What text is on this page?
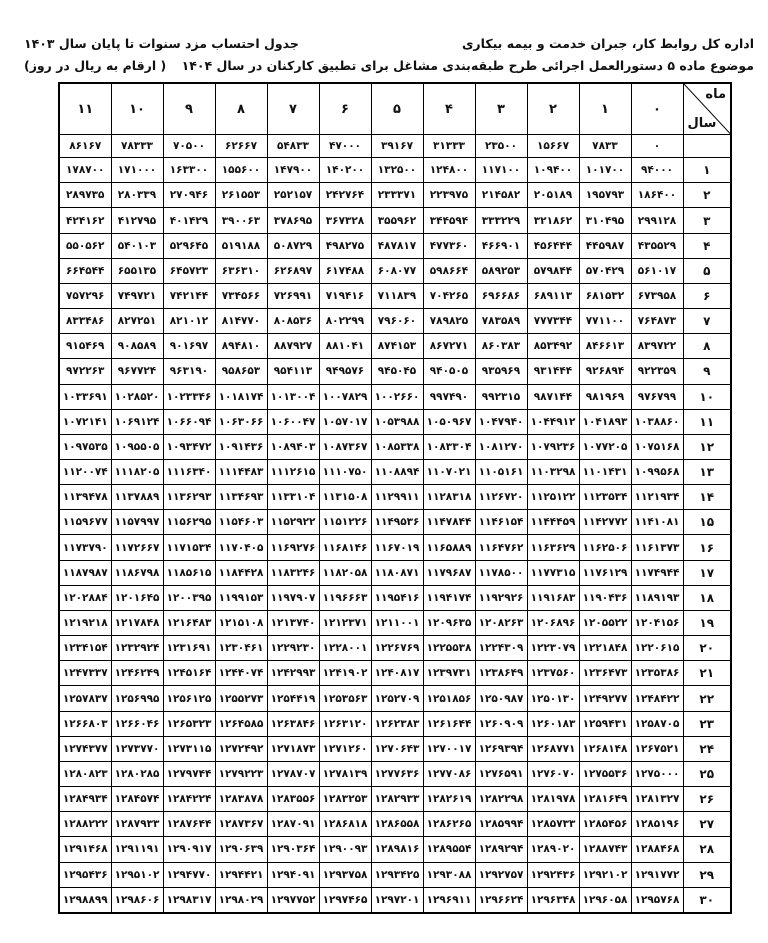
اداره کل روابط کار، جبران خدمت و بیمه بیکاری
جدول احتساب مزد سنوات تا پایان سال ۱۴۰۳
موضوع ماده ۵ دستورالعمل اجرائی طرح طبقه‌بندی مشاغل برای تطبیق کارکنان در سال ۱۴۰۴
( ارقام به ریال در روز)
ماه
سال	۰	۱	۲	۳	۴	۵	۶	۷	۸	۹	۱۰	۱۱
	۰	۷۸۳۳	۱۵۶۶۷	۲۳۵۰۰	۳۱۳۳۳	۳۹۱۶۷	۴۷۰۰۰	۵۴۸۳۳	۶۲۶۶۷	۷۰۵۰۰	۷۸۳۳۳	۸۶۱۶۷
۱	۹۴۰۰۰	۱۰۱۷۰۰	۱۰۹۴۰۰	۱۱۷۱۰۰	۱۲۴۸۰۰	۱۳۲۵۰۰	۱۴۰۲۰۰	۱۴۷۹۰۰	۱۵۵۶۰۰	۱۶۳۳۰۰	۱۷۱۰۰۰	۱۷۸۷۰۰
۲	۱۸۶۴۰۰	۱۹۵۷۹۳	۲۰۵۱۸۹	۲۱۴۵۸۲	۲۲۳۹۷۵	۲۳۳۳۷۱	۲۴۲۷۶۴	۲۵۲۱۵۷	۲۶۱۵۵۳	۲۷۰۹۴۶	۲۸۰۳۳۹	۲۸۹۷۳۵
۳	۲۹۹۱۲۸	۳۱۰۴۹۵	۳۲۱۸۶۲	۳۳۳۲۲۹	۳۴۴۵۹۴	۳۵۵۹۶۲	۳۶۷۳۲۸	۳۷۸۶۹۵	۳۹۰۰۶۳	۴۰۱۴۲۹	۴۱۲۷۹۵	۴۲۴۱۶۲
۴	۴۳۵۵۲۹	۴۴۵۹۸۷	۴۵۶۴۴۴	۴۶۶۹۰۱	۴۷۷۳۶۰	۴۸۷۸۱۷	۴۹۸۲۷۵	۵۰۸۷۲۹	۵۱۹۱۸۸	۵۲۹۶۴۵	۵۴۰۱۰۳	۵۵۰۵۶۲
۵	۵۶۱۰۱۷	۵۷۰۴۲۹	۵۷۹۸۴۴	۵۸۹۲۵۳	۵۹۸۶۶۴	۶۰۸۰۷۷	۶۱۷۴۸۸	۶۲۶۸۹۷	۶۳۶۳۱۰	۶۴۵۷۲۳	۶۵۵۱۳۵	۶۶۴۵۴۴
۶	۶۷۳۹۵۸	۶۸۱۵۳۲	۶۸۹۱۱۳	۶۹۶۶۸۶	۷۰۴۲۶۵	۷۱۱۸۳۹	۷۱۹۴۱۶	۷۲۶۹۹۱	۷۳۴۵۶۶	۷۴۲۱۴۴	۷۴۹۷۲۱	۷۵۷۲۹۶
۷	۷۶۴۸۷۳	۷۷۱۱۰۰	۷۷۷۳۴۴	۷۸۳۵۸۹	۷۸۹۸۲۵	۷۹۶۰۶۰	۸۰۲۲۹۹	۸۰۸۵۳۶	۸۱۴۷۷۰	۸۲۱۰۱۲	۸۲۷۲۵۱	۸۳۳۴۸۶
۸	۸۳۹۷۲۲	۸۴۶۶۱۳	۸۵۳۴۹۲	۸۶۰۳۸۳	۸۶۷۲۷۱	۸۷۴۱۵۳	۸۸۱۰۴۱	۸۸۷۹۲۷	۸۹۴۸۱۰	۹۰۱۶۹۷	۹۰۸۵۸۹	۹۱۵۴۶۹
۹	۹۲۲۳۵۹	۹۲۶۸۹۴	۹۳۱۴۴۴	۹۳۵۹۶۹	۹۴۰۵۰۵	۹۴۵۰۴۵	۹۴۹۵۷۶	۹۵۴۱۱۳	۹۵۸۶۵۳	۹۶۳۱۹۰	۹۶۷۷۲۴	۹۷۲۲۶۳
۱۰	۹۷۶۷۹۹	۹۸۱۹۶۹	۹۸۷۱۴۴	۹۹۲۳۱۵	۹۹۷۴۹۰	۱۰۰۲۶۶۰	۱۰۰۷۸۲۹	۱۰۱۳۰۰۴	۱۰۱۸۱۷۴	۱۰۲۳۳۴۶	۱۰۲۸۵۲۰	۱۰۳۳۶۹۱
۱۱	۱۰۳۸۸۶۰	۱۰۴۱۸۹۳	۱۰۴۴۹۱۲	۱۰۴۷۹۴۰	۱۰۵۰۹۶۷	۱۰۵۳۹۸۸	۱۰۵۷۰۱۷	۱۰۶۰۰۴۷	۱۰۶۳۰۶۶	۱۰۶۶۰۹۴	۱۰۶۹۱۲۴	۱۰۷۲۱۴۱
۱۲	۱۰۷۵۱۶۸	۱۰۷۷۲۰۵	۱۰۷۹۲۳۶	۱۰۸۱۲۷۰	۱۰۸۳۳۰۴	۱۰۸۵۳۳۸	۱۰۸۷۳۶۷	۱۰۸۹۴۰۳	۱۰۹۱۴۳۶	۱۰۹۳۴۷۲	۱۰۹۵۵۰۵	۱۰۹۷۵۳۵
۱۳	۱۰۹۹۵۶۸	۱۱۰۱۴۳۱	۱۱۰۳۲۹۸	۱۱۰۵۱۶۱	۱۱۰۷۰۲۱	۱۱۰۸۸۹۴	۱۱۱۰۷۵۰	۱۱۱۲۶۱۵	۱۱۱۴۴۸۳	۱۱۱۶۳۴۰	۱۱۱۸۲۰۵	۱۱۲۰۰۷۴
۱۴	۱۱۲۱۹۳۴	۱۱۲۳۵۳۴	۱۱۲۵۱۲۲	۱۱۲۶۷۲۰	۱۱۲۸۳۱۸	۱۱۲۹۹۱۱	۱۱۳۱۵۰۸	۱۱۳۳۱۰۴	۱۱۳۴۶۹۳	۱۱۳۶۲۹۳	۱۱۳۷۸۸۹	۱۱۳۹۴۷۸
۱۵	۱۱۴۱۰۸۱	۱۱۴۲۷۷۲	۱۱۴۴۴۵۹	۱۱۴۶۱۵۴	۱۱۴۷۸۴۴	۱۱۴۹۵۳۶	۱۱۵۱۲۲۶	۱۱۵۲۹۲۲	۱۱۵۴۶۰۳	۱۱۵۶۲۹۵	۱۱۵۷۹۹۷	۱۱۵۹۶۷۷
۱۶	۱۱۶۱۳۷۳	۱۱۶۲۵۰۶	۱۱۶۳۶۲۹	۱۱۶۴۷۶۲	۱۱۶۵۸۸۹	۱۱۶۷۰۱۹	۱۱۶۸۱۴۶	۱۱۶۹۲۷۶	۱۱۷۰۴۰۵	۱۱۷۱۵۳۴	۱۱۷۲۶۶۷	۱۱۷۳۷۹۰
۱۷	۱۱۷۴۹۴۴	۱۱۷۶۱۲۹	۱۱۷۷۳۱۵	۱۱۷۸۵۰۰	۱۱۷۹۶۸۷	۱۱۸۰۸۷۱	۱۱۸۲۰۵۸	۱۱۸۳۲۴۶	۱۱۸۴۴۲۸	۱۱۸۵۶۱۵	۱۱۸۶۷۹۸	۱۱۸۷۹۸۷
۱۸	۱۱۸۹۱۹۳	۱۱۹۰۴۳۶	۱۱۹۱۶۸۳	۱۱۹۲۹۲۶	۱۱۹۴۱۷۴	۱۱۹۵۴۱۶	۱۱۹۶۶۶۳	۱۱۹۷۹۰۷	۱۱۹۹۱۵۳	۱۲۰۰۳۹۵	۱۲۰۱۶۴۵	۱۲۰۲۸۸۴
۱۹	۱۲۰۴۱۵۶	۱۲۰۵۵۲۲	۱۲۰۶۸۹۶	۱۲۰۸۲۶۳	۱۲۰۹۶۳۵	۱۲۱۱۰۰۱	۱۲۱۲۳۷۱	۱۲۱۳۷۴۰	۱۲۱۵۱۰۸	۱۲۱۶۴۸۳	۱۲۱۷۸۴۸	۱۲۱۹۲۱۸
۲۰	۱۲۲۰۶۱۵	۱۲۲۱۸۴۸	۱۲۲۳۰۷۹	۱۲۲۴۳۰۹	۱۲۲۵۵۳۸	۱۲۲۶۷۶۹	۱۲۲۸۰۰۱	۱۲۲۹۲۳۰	۱۲۳۰۴۶۱	۱۲۳۱۶۹۱	۱۲۳۲۹۲۴	۱۲۳۴۱۵۴
۲۱	۱۲۳۵۳۸۶	۱۲۳۶۴۷۳	۱۲۳۷۵۶۰	۱۲۳۸۶۴۹	۱۲۳۹۷۳۱	۱۲۴۰۸۱۷	۱۲۴۱۹۰۲	۱۲۴۲۹۹۳	۱۲۴۴۰۷۴	۱۲۴۵۱۶۴	۱۲۴۶۲۴۹	۱۲۴۷۳۳۷
۲۲	۱۲۴۸۴۲۲	۱۲۴۹۲۷۷	۱۲۵۰۱۳۰	۱۲۵۰۹۸۷	۱۲۵۱۸۵۶	۱۲۵۲۷۰۹	۱۲۵۳۵۶۳	۱۲۵۴۴۱۹	۱۲۵۵۲۷۳	۱۲۵۶۱۲۵	۱۲۵۶۹۹۵	۱۲۵۷۸۳۷
۲۳	۱۲۵۸۷۰۵	۱۲۵۹۴۳۱	۱۲۶۰۱۸۳	۱۲۶۰۹۰۹	۱۲۶۱۶۴۴	۱۲۶۲۳۸۳	۱۲۶۳۱۲۰	۱۲۶۳۸۴۶	۱۲۶۴۵۸۵	۱۲۶۵۳۲۳	۱۲۶۶۰۴۶	۱۲۶۶۸۰۳
۲۴	۱۲۶۷۵۲۱	۱۲۶۸۱۴۸	۱۲۶۸۷۷۱	۱۲۶۹۳۹۴	۱۲۷۰۰۱۷	۱۲۷۰۶۴۳	۱۲۷۱۲۶۰	۱۲۷۱۸۷۳	۱۲۷۲۴۹۲	۱۲۷۳۱۱۵	۱۲۷۳۷۷۰	۱۲۷۴۳۷۷
۲۵	۱۲۷۵۰۰۰	۱۲۷۵۵۳۶	۱۲۷۶۰۷۰	۱۲۷۶۵۹۱	۱۲۷۷۰۸۶	۱۲۷۷۶۳۶	۱۲۷۸۱۳۹	۱۲۷۸۷۰۷	۱۲۷۹۲۲۳	۱۲۷۹۷۴۴	۱۲۸۰۲۸۵	۱۲۸۰۸۲۳
۲۶	۱۲۸۱۳۲۷	۱۲۸۱۶۴۹	۱۲۸۱۹۷۸	۱۲۸۲۲۹۸	۱۲۸۲۶۱۹	۱۲۸۲۹۳۳	۱۲۸۳۲۵۳	۱۲۸۳۵۵۶	۱۲۸۳۸۷۸	۱۲۸۴۲۲۴	۱۲۸۴۵۷۴	۱۲۸۴۹۳۴
۲۷	۱۲۸۵۱۹۶	۱۲۸۵۴۵۶	۱۲۸۵۷۳۳	۱۲۸۵۹۹۴	۱۲۸۶۲۶۵	۱۲۸۶۵۵۸	۱۲۸۶۸۱۸	۱۲۸۷۰۹۱	۱۲۸۷۳۶۷	۱۲۸۷۶۴۴	۱۲۸۷۹۳۳	۱۲۸۸۲۲۲
۲۸	۱۲۸۸۴۶۸	۱۲۸۸۷۴۳	۱۲۸۹۰۲۰	۱۲۸۹۲۹۴	۱۲۸۹۵۵۴	۱۲۸۹۸۱۶	۱۲۹۰۰۹۳	۱۲۹۰۳۶۴	۱۲۹۰۶۳۹	۱۲۹۰۹۱۷	۱۲۹۱۱۹۱	۱۲۹۱۴۶۸
۲۹	۱۲۹۱۷۷۲	۱۲۹۲۱۰۲	۱۲۹۲۴۳۶	۱۲۹۲۷۵۷	۱۲۹۳۰۸۸	۱۲۹۳۴۲۵	۱۲۹۳۷۵۸	۱۲۹۴۰۹۱	۱۲۹۴۴۲۱	۱۲۹۴۷۷۰	۱۲۹۵۱۰۲	۱۲۹۵۴۳۶
۳۰	۱۲۹۵۷۶۸	۱۲۹۶۰۵۸	۱۲۹۶۳۴۸	۱۲۹۶۶۲۴	۱۲۹۶۹۱۱	۱۲۹۷۲۰۱	۱۲۹۷۴۶۵	۱۲۹۷۷۵۲	۱۲۹۸۰۲۹	۱۲۹۸۳۱۷	۱۲۹۸۶۰۶	۱۲۹۸۸۹۹
